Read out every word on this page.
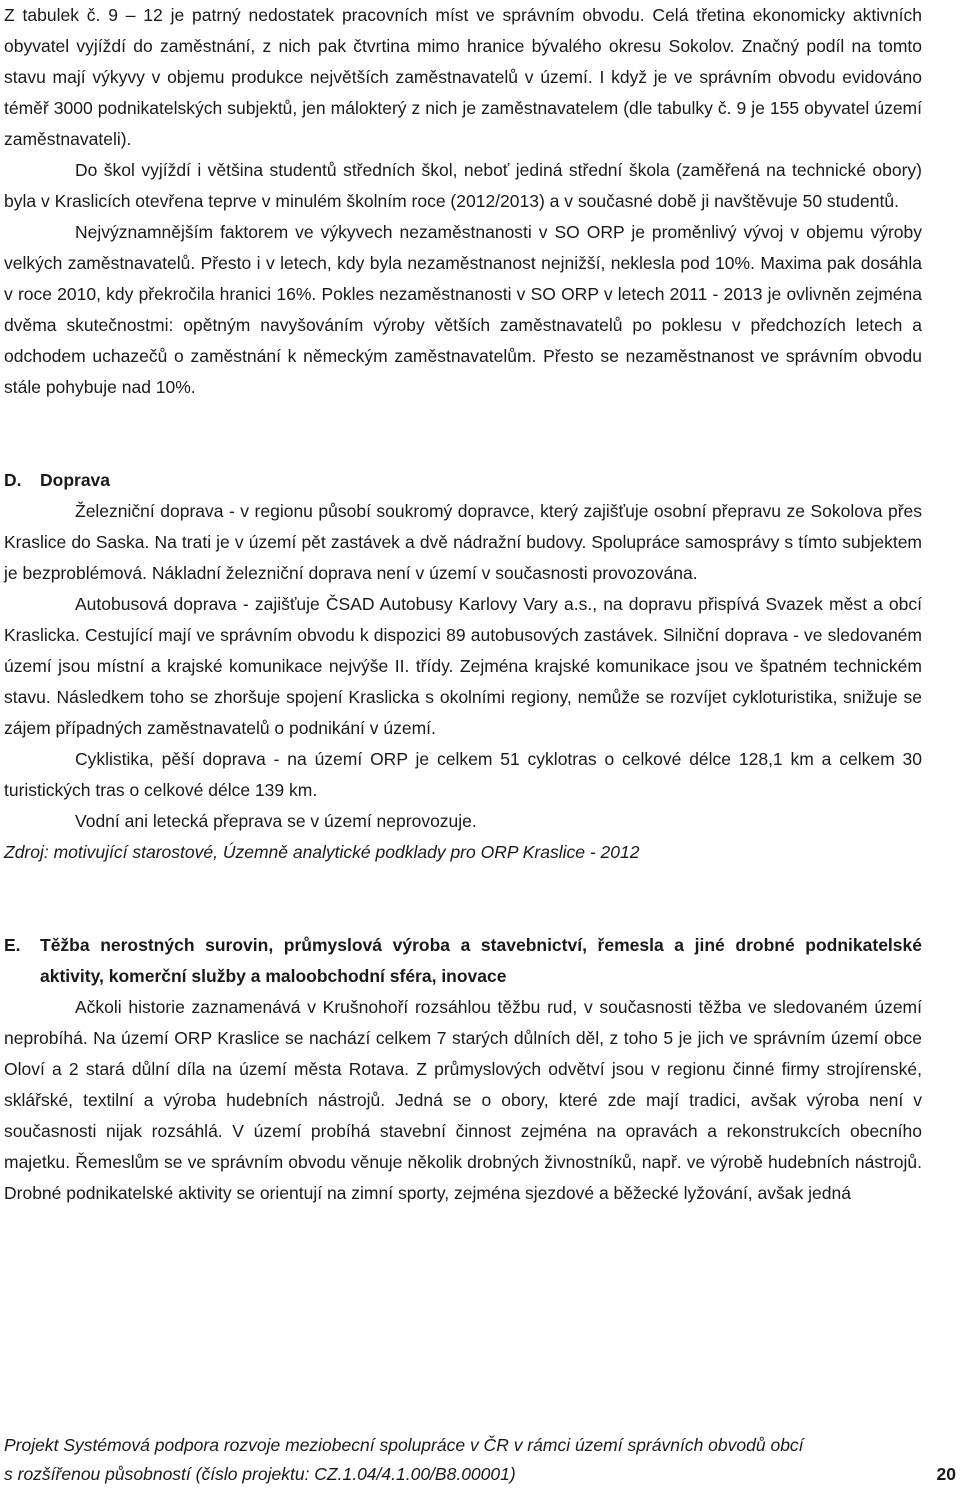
Z tabulek č. 9 – 12 je patrný nedostatek pracovních míst ve správním obvodu. Celá třetina ekonomicky aktivních obyvatel vyjíždí do zaměstnání, z nich pak čtvrtina mimo hranice bývalého okresu Sokolov. Značný podíl na tomto stavu mají výkyvy v objemu produkce největších zaměstnavatelů v území. I když je ve správním obvodu evidováno téměř 3000 podnikatelských subjektů, jen málokterý z nich je zaměstnavatelem (dle tabulky č. 9 je 155 obyvatel území zaměstnavateli).

Do škol vyjíždí i většina studentů středních škol, neboť jediná střední škola (zaměřená na technické obory) byla v Kraslicích otevřena teprve v minulém školním roce (2012/2013) a v současné době ji navštěvuje 50 studentů.

Nejvýznamnějším faktorem ve výkyvech nezaměstnanosti v SO ORP je proměnlivý vývoj v objemu výroby velkých zaměstnavatelů. Přesto i v letech, kdy byla nezaměstnanost nejnižší, neklesla pod 10%. Maxima pak dosáhla v roce 2010, kdy překročila hranici 16%. Pokles nezaměstnanosti v SO ORP v letech 2011 - 2013 je ovlivněn zejména dvěma skutečnostmi: opětným navyšováním výroby větších zaměstnavatelů po poklesu v předchozích letech a odchodem uchazečů o zaměstnání k německým zaměstnavatelům. Přesto se nezaměstnanost ve správním obvodu stále pohybuje nad 10%.

D. Doprava

Železniční doprava - v regionu působí soukromý dopravce, který zajišťuje osobní přepravu ze Sokolova přes Kraslice do Saska. Na trati je v území pět zastávek a dvě nádražní budovy. Spolupráce samosprávy s tímto subjektem je bezproblémová. Nákladní železniční doprava není v území v současnosti provozována.

Autobusová doprava - zajišťuje ČSAD Autobusy Karlovy Vary a.s., na dopravu přispívá Svazek měst a obcí Kraslicka. Cestující mají ve správním obvodu k dispozici 89 autobusových zastávek. Silniční doprava - ve sledovaném území jsou místní a krajské komunikace nejvýše II. třídy. Zejména krajské komunikace jsou ve špatném technickém stavu. Následkem toho se zhoršuje spojení Kraslicka s okolními regiony, nemůže se rozvíjet cykloturistika, snižuje se zájem případných zaměstnavatelů o podnikání v území.

Cyklistika, pěší doprava - na území ORP je celkem 51 cyklotras o celkové délce 128,1 km a celkem 30 turistických tras o celkové délce 139 km.

Vodní ani letecká přeprava se v území neprovozuje.

Zdroj: motivující starostové, Územně analytické podklady pro ORP Kraslice - 2012

E. Těžba nerostných surovin, průmyslová výroba a stavebnictví, řemesla a jiné drobné podnikatelské aktivity, komerční služby a maloobchodní sféra, inovace

Ačkoli historie zaznamenává v Krušnohoří rozsáhlou těžbu rud, v současnosti těžba ve sledovaném území neprobíhá. Na území ORP Kraslice se nachází celkem 7 starých důlních děl, z toho 5 je jich ve správním území obce Oloví a 2 stará důlní díla na území města Rotava. Z průmyslových odvětví jsou v regionu činné firmy strojírenské, sklářské, textilní a výroba hudebních nástrojů. Jedná se o obory, které zde mají tradici, avšak výroba není v současnosti nijak rozsáhlá. V území probíhá stavební činnost zejména na opravách a rekonstrukcích obecního majetku. Řemeslům se ve správním obvodu věnuje několik drobných živnostníků, např. ve výrobě hudebních nástrojů. Drobné podnikatelské aktivity se orientují na zimní sporty, zejména sjezdové a běžecké lyžování, avšak jedná

Projekt Systémová podpora rozvoje meziobecní spolupráce v ČR v rámci území správních obvodů obcí
s rozšířenou působností (číslo projektu: CZ.1.04/4.1.00/B8.00001)	20
